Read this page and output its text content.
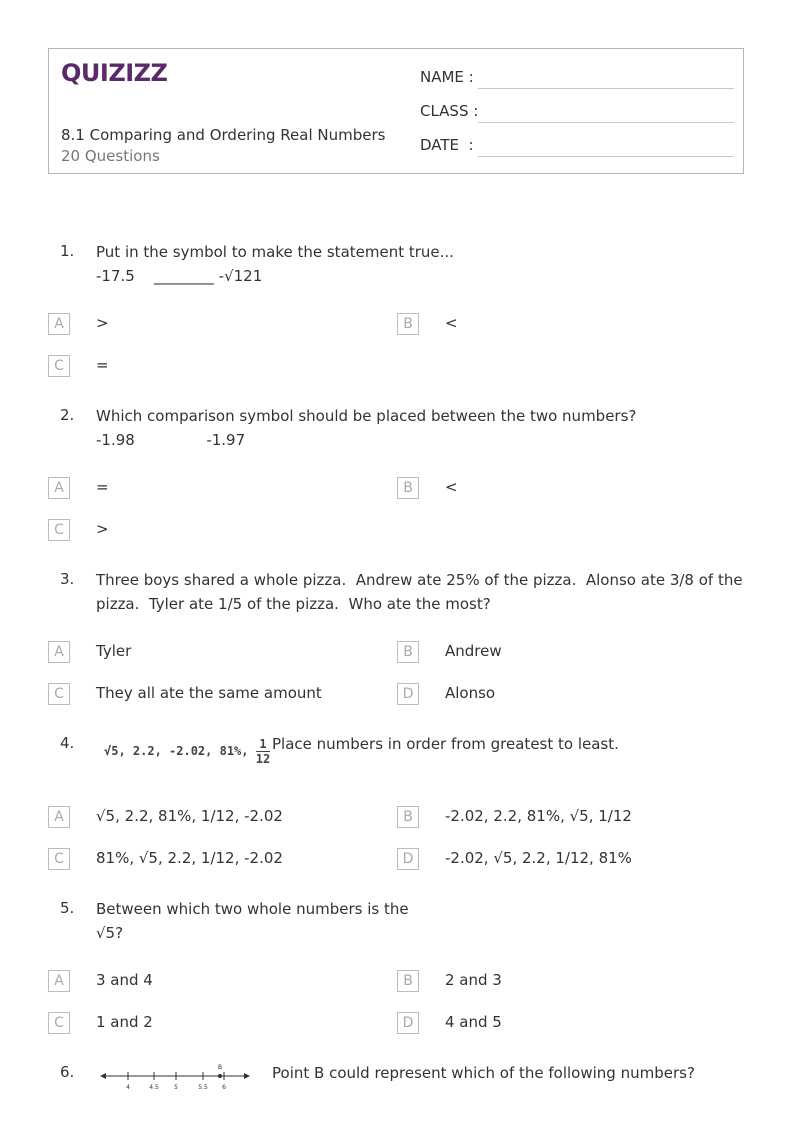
QUIZIZZ
8.1 Comparing and Ordering Real Numbers
20 Questions
NAME :
CLASS :
DATE  :
1. Put in the symbol to make the statement true...
-17.5    ________ -√121
A	>	B	<
C	=
2. Which comparison symbol should be placed between the two numbers?
-1.98               -1.97
A	=	B	<
C	>
3. Three boys shared a whole pizza.  Andrew ate 25% of the pizza.  Alonso ate 3/8 of the
pizza.  Tyler ate 1/5 of the pizza.  Who ate the most?
A	Tyler	B	Andrew
C	They all ate the same amount	D	Alonso
4. √5, 2.2, -2.02, 81%, $\frac{1}{12}$ Place numbers in order from greatest to least.
A	√5, 2.2, 81%, 1/12, -2.02	B	-2.02, 2.2, 81%, √5, 1/12
C	81%, √5, 2.2, 1/12, -2.02	D	-2.02, √5, 2.2, 1/12, 81%
5. Between which two whole numbers is the
√5?
A	3 and 4	B	2 and 3
C	1 and 2	D	4 and 5
6.	B
4	4.5	5	5.5 6
Point B could represent which of the following numbers?
